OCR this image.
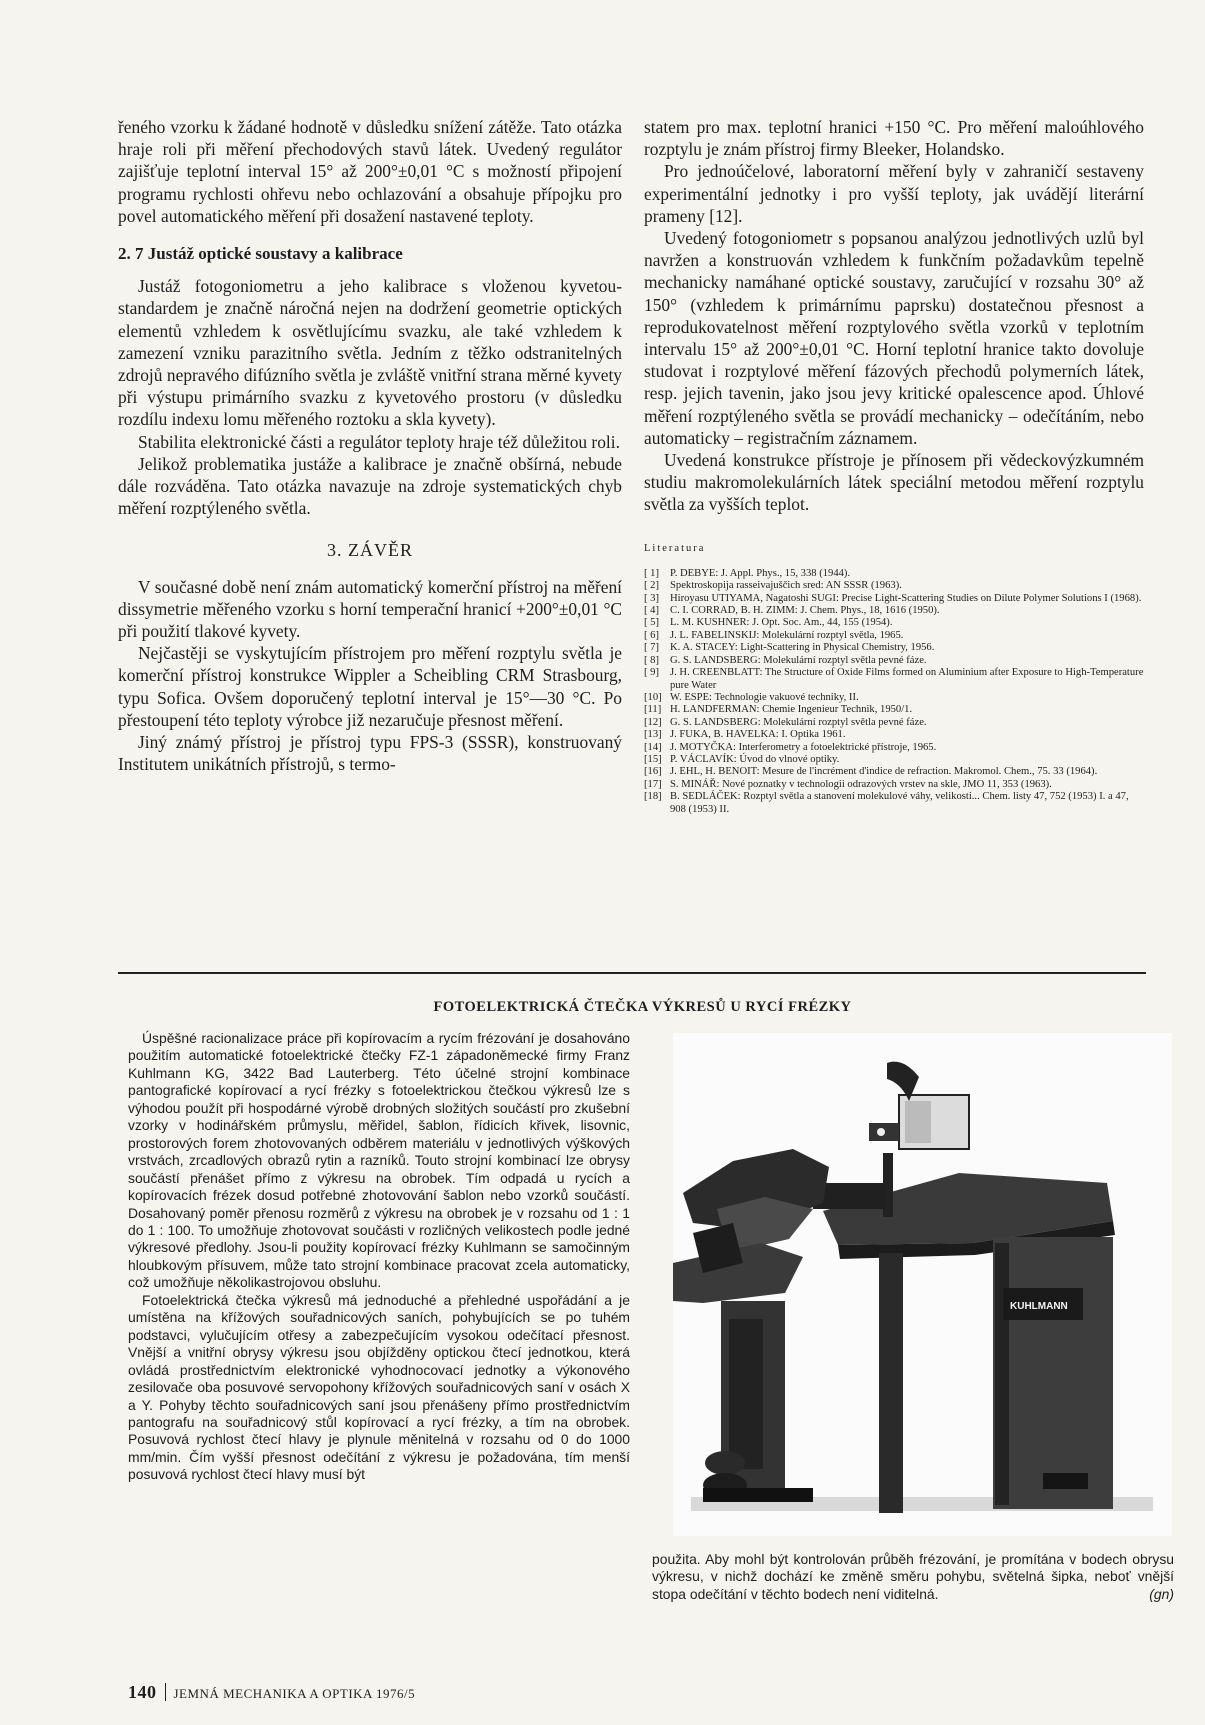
řeného vzorku k žádané hodnotě v důsledku snížení zátěže. Tato otázka hraje roli při měření přechodových stavů látek. Uvedený regulátor zajišťuje teplotní interval 15° až 200°±0,01 °C s možností připojení programu rychlosti ohřevu nebo ochlazování a obsahuje přípojku pro povel automatického měření při dosažení nastavené teploty.

2. 7 Justáž optické soustavy a kalibrace

Justáž fotogoniometru a jeho kalibrace s vloženou kyvetou-standardem je značně náročná nejen na dodržení geometrie optických elementů vzhledem k osvětlujícímu svazku, ale také vzhledem k zamezení vzniku parazitního světla. Jedním z těžko odstranitelných zdrojů nepravého difúzního světla je zvláště vnitřní strana měrné kyvety při výstupu primárního svazku z kyvetového prostoru (v důsledku rozdílu indexu lomu měřeného roztoku a skla kyvety).

Stabilita elektronické části a regulátor teploty hraje též důležitou roli.

Jelikož problematika justáže a kalibrace je značně obšírná, nebude dále rozváděna. Tato otázka navazuje na zdroje systematických chyb měření rozptýleného světla.

3. ZÁVĚR

V současné době není znám automatický komerční přístroj na měření dissymetrie měřeného vzorku s horní temperační hranicí +200°±0,01 °C při použití tlakové kyvety.

Nejčastěji se vyskytujícím přístrojem pro měření rozptylu světla je komerční přístroj konstrukce Wippler a Scheibling CRM Strasbourg, typu Sofica. Ovšem doporučený teplotní interval je 15°—30 °C. Po přestoupení této teploty výrobce již nezaručuje přesnost měření.

Jiný známý přístroj je přístroj typu FPS-3 (SSSR), konstruovaný Institutem unikátních přístrojů, s termo-

statem pro max. teplotní hranici +150 °C. Pro měření maloúhlového rozptylu je znám přístroj firmy Bleeker, Holandsko.

Pro jednoúčelové, laboratorní měření byly v zahraničí sestaveny experimentální jednotky i pro vyšší teploty, jak uvádějí literární prameny [12].

Uvedený fotogoniometr s popsanou analýzou jednotlivých uzlů byl navržen a konstruován vzhledem k funkčním požadavkům tepelně mechanicky namáhané optické soustavy, zaručující v rozsahu 30° až 150° (vzhledem k primárnímu paprsku) dostatečnou přesnost a reprodukovatelnost měření rozptylového světla vzorků v teplotním intervalu 15° až 200°±0,01 °C. Horní teplotní hranice takto dovoluje studovat i rozptylové měření fázových přechodů polymerních látek, resp. jejich tavenin, jako jsou jevy kritické opalescence apod. Úhlové měření rozptýleného světla se provádí mechanicky – odečítáním, nebo automaticky – registračním záznamem.

Uvedená konstrukce přístroje je přínosem při vědeckovýzkumném studiu makromolekulárních látek speciální metodou měření rozptylu světla za vyšších teplot.

Literatura
[ 1]	P. DEBYE: J. Appl. Phys., 15, 338 (1944).
[ 2]	Spektroskopija rasseivajuščich sred: AN SSSR (1963).
[ 3]	Hiroyasu UTIYAMA, Nagatoshi SUGI: Precise Light-Scattering Studies on Dilute Polymer Solutions I (1968).
[ 4]	C. I. CORRAD, B. H. ZIMM: J. Chem. Phys., 18, 1616 (1950).
[ 5]	L. M. KUSHNER: J. Opt. Soc. Am., 44, 155 (1954).
[ 6]	J. L. FABELINSKIJ: Molekulární rozptyl světla, 1965.
[ 7]	K. A. STACEY: Light-Scattering in Physical Chemistry, 1956.
[ 8]	G. S. LANDSBERG: Molekulární rozptyl světla pevné fáze.
[ 9]	J. H. CREENBLATT: The Structure of Oxide Films formed on Aluminium after Exposure to High-Temperature pure Water
[10] W. ESPE: Technologie vakuové techniky, II.
[11] H. LANDFERMAN: Chemie Ingenieur Technik, 1950/1.
[12] G. S. LANDSBERG: Molekulární rozptyl světla pevné fáze.
[13] J. FUKA, B. HAVELKA: I. Optika 1961.
[14] J. MOTYČKA: Interferometry a fotoelektrické přístroje, 1965.
[15] P. VÁCLAVÍK: Úvod do vlnové optiky.
[16] J. EHL, H. BENOIT: Mesure de l'incrément d'indice de refraction. Makromol. Chem., 75. 33 (1964).
[17] S. MINÁŘ: Nové poznatky v technologii odrazových vrstev na skle, JMO 11, 353 (1963).
[18] B. SEDLÁČEK: Rozptyl světla a stanovení molekulové váhy, velikosti... Chem. listy 47, 752 (1953) I. a 47, 908 (1953) II.
FOTOELEKTRICKÁ ČTEČKA VÝKRESŮ U RYCÍ FRÉZKY

Úspěšné racionalizace práce při kopírovacím a rycím frézování je dosahováno použitím automatické fotoelektrické čtečky FZ-1 západoněmecké firmy Franz Kuhlmann KG, 3422 Bad Lauterberg. Této účelné strojní kombinace pantografické kopírovací a rycí frézky s fotoelektrickou čtečkou výkresů lze s výhodou použít při hospodárné výrobě drobných složitých součástí pro zkušební vzorky v hodinářském průmyslu, měřidel, šablon, řídicích křivek, lisovnic, prostorových forem zhotovovaných odběrem materiálu v jednotlivých výškových vrstvách, zrcadlových obrazů rytin a razníků. Touto strojní kombinací lze obrysy součástí přenášet přímo z výkresu na obrobek. Tím odpadá u rycích a kopírovacích frézek dosud potřebné zhotovování šablon nebo vzorků součástí. Dosahovaný poměr přenosu rozměrů z výkresu na obrobek je v rozsahu od 1 : 1 do 1 : 100. To umožňuje zhotovovat součásti v rozličných velikostech podle jedné výkresové předlohy. Jsou-li použity kopírovací frézky Kuhlmann se samočinným hloubkovým přísuvem, může tato strojní kombinace pracovat zcela automaticky, což umožňuje několikastrojovou obsluhu.

Fotoelektrická čtečka výkresů má jednoduché a přehledné uspořádání a je umístěna na křížových souřadnicových saních, pohybujících se po tuhém podstavci, vylučujícím otřesy a zabezpečujícím vysokou odečítací přesnost. Vnější a vnitřní obrysy výkresu jsou objížděny optickou čtecí jednotkou, která ovládá prostřednictvím elektronické vyhodnocovací jednotky a výkonového zesilovače oba posuvové servopohony křížových souřadnicových saní v osách X a Y. Pohyby těchto souřadnicových saní jsou přenášeny přímo prostřednictvím pantografu na souřadnicový stůl kopírovací a rycí frézky, a tím na obrobek. Posuvová rychlost čtecí hlavy je plynule měnitelná v rozsahu od 0 do 1000 mm/min. Čím vyšší přesnost odečítání z výkresu je požadována, tím menší posuvová rychlost čtecí hlavy musí být

KUHLMANN
použita. Aby mohl být kontrolován průběh frézování, je promítána v bodech obrysu výkresu, v nichž dochází ke změně směru pohybu, světelná šipka, neboť vnější stopa odečítání v těchto bodech není viditelná.	(gn)
140 JEMNÁ MECHANIKA A OPTIKA 1976/5
